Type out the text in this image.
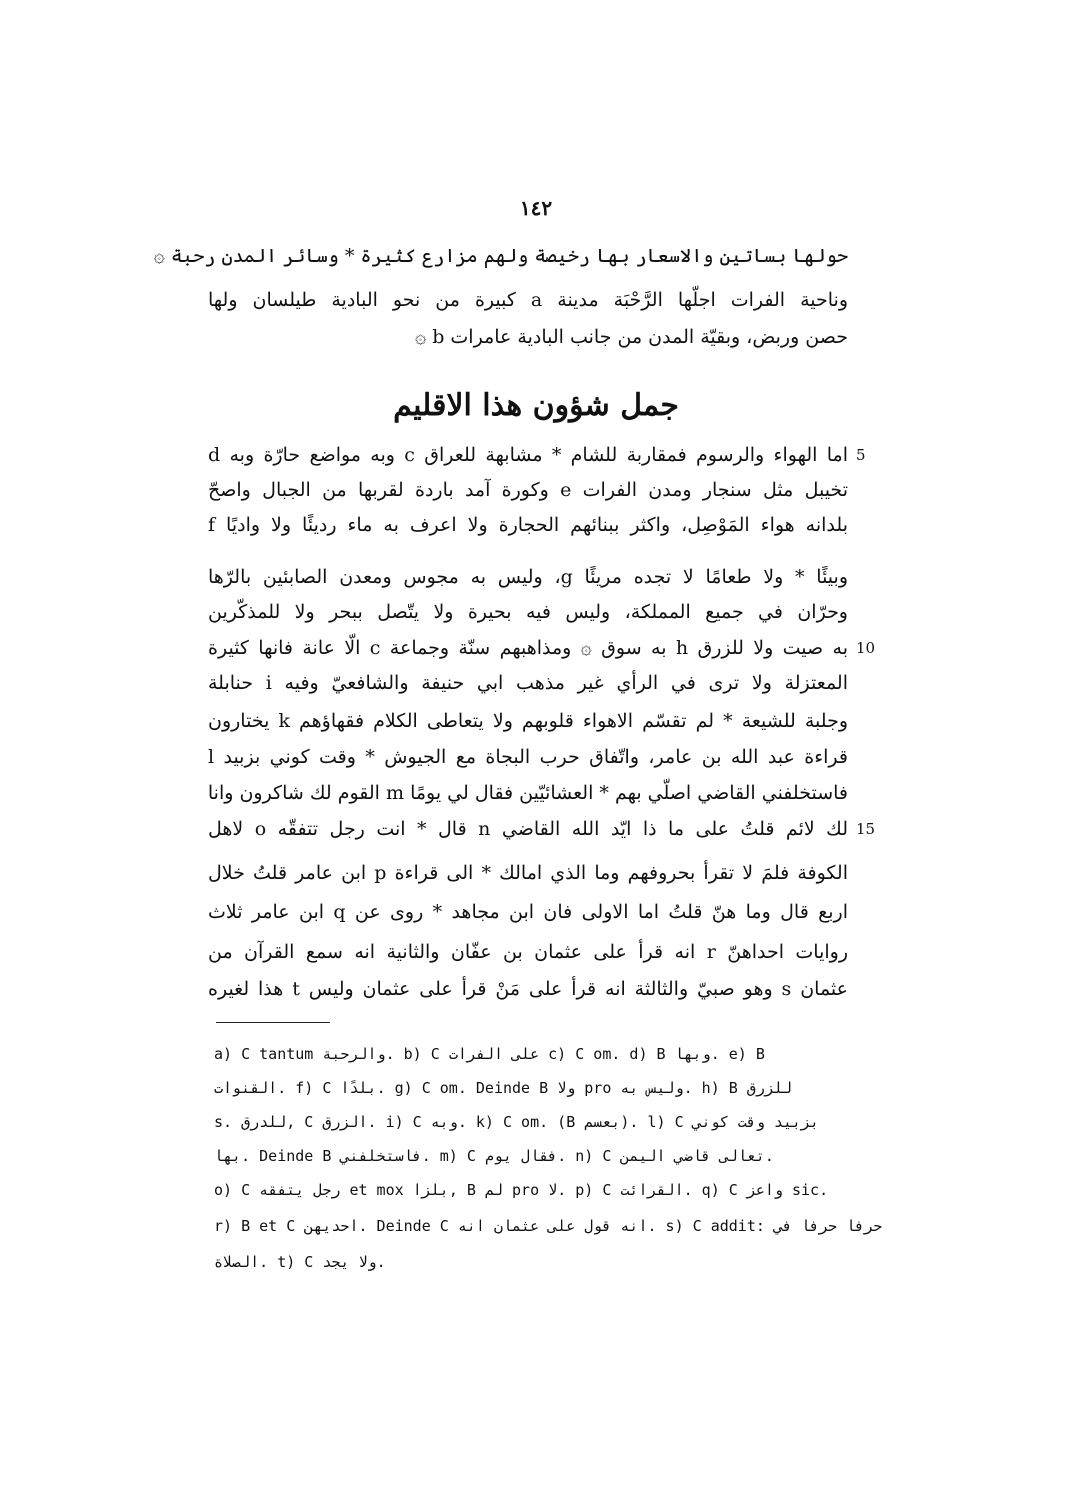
١٤٢
حولها بساتين والاسعار بها رخيصة ولهم مزارع كثيرة * وسائر المدن رحبة ۞
وناحية الفرات اجلّها الرَّحْبَة مدينة a كبيرة من نحو البادية طيلسان ولها
حصن وربض، وبقيّة المدن من جانب البادية عامرات b ۞
جمل شؤون هذا الاقليم
اما الهواء والرسوم فمقاربة للشام * مشابهة للعراق c وبه مواضع حارّة وبه d
تخيبل مثل سنجار ومدن الفرات e وكورة آمد باردة لقربها من الجبال واصحّ
بلدانه هواء المَوْصِل، واكثر ببنائهم الحجارة ولا اعرف به ماء رديئًا ولا واديًا f
وبيئًا * ولا طعامًا لا تجده مريئًا g، وليس به مجوس ومعدن الصابئين بالرّها
وحرّان في جميع المملكة، وليس فيه بحيرة ولا يتّصل ببحر ولا للمذكّرين
به صيت ولا للزرق h به سوق ۞ ومذاهبهم سنّة وجماعة c الّا عانة فانها كثيرة
المعتزلة ولا ترى في الرأي غير مذهب ابي حنيفة والشافعيّ وفيه i حنابلة
وجلبة للشيعة * لم تقسّم الاهواء قلوبهم ولا يتعاطى الكلام فقهاؤهم k يختارون
قراءة عبد الله بن عامر، واتّفاق حرب البجاة مع الجيوش * وقت كوني بزبيد l
فاستخلفني القاضي اصلّي بهم * العشائيّين فقال لي يومًا m القوم لك شاكرون وانا
لك لائم قلتُ على ما ذا ايّد الله القاضي n قال * انت رجل تتفقّه o لاهل
الكوفة فلمَ لا تقرأ بحروفهم وما الذي امالك * الى قراءة p ابن عامر قلتُ خلال
اربع قال وما هنّ قلتُ اما الاولى فان ابن مجاهد * روى عن q ابن عامر ثلاث
روايات احداهنّ r انه قرأ على عثمان بن عفّان والثانية انه سمع القرآن من
عثمان s وهو صبيّ والثالثة انه قرأ على مَنْ قرأ على عثمان وليس t هذا لغيره
5
10
15
a) C tantum والرحبة. b) C على الفرات c) C om. d) B وبها. e) B
القنوات. f) C بلدًا. g) C om. Deinde B ولا pro وليس به. h) B للزرق
s. للدرق, C الزرق. i) C وبه. k) C om. (B بعسم). l) C بزبيد وقت كوني
بها. Deinde B فاستخلفني. m) C فقال يوم. n) C تعالى قاضي اليمن.
o) C رجل يتفقه et mox بلزا, B لم pro لا. p) C القرائت. q) C واعز sic.
r) B et C احديهن. Deinde C انه قول على عثمان انه. s) C addit: حرفا حرفا في
الصلاة. t) C ولا يجد.
